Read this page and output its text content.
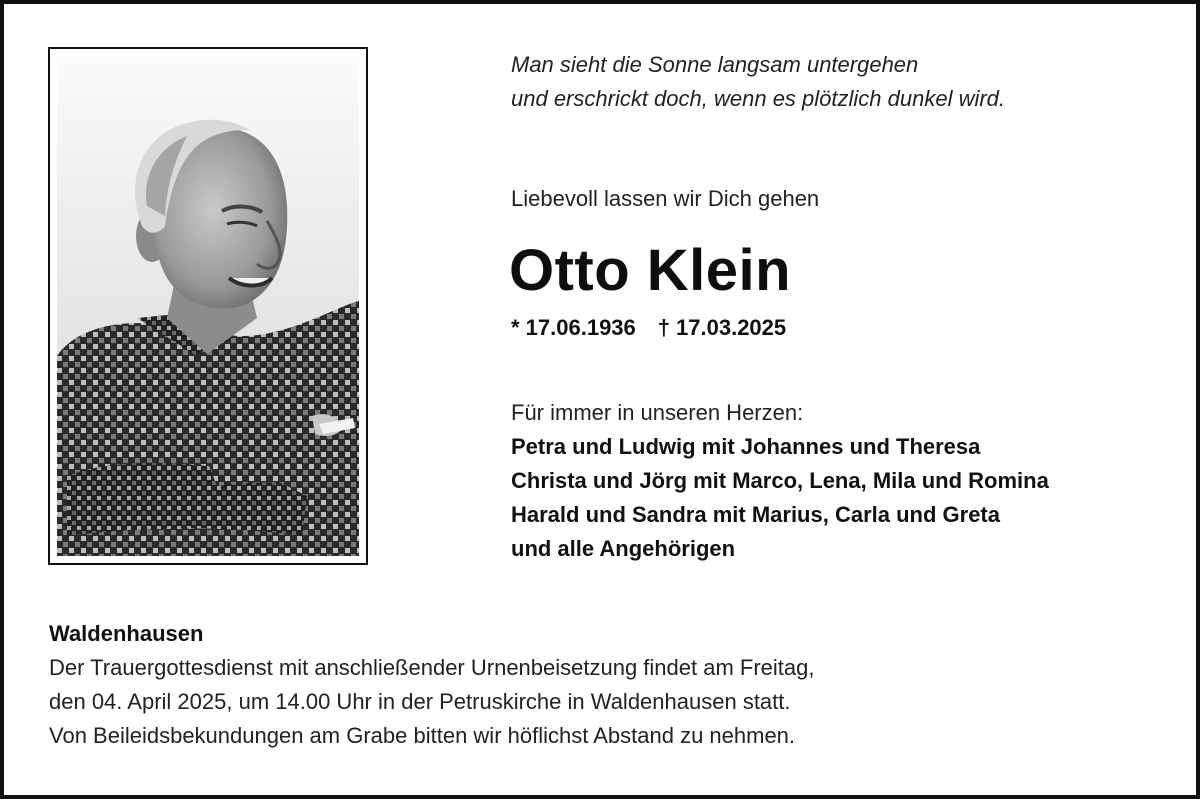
Man sieht die Sonne langsam untergehen
und erschrickt doch, wenn es plötzlich dunkel wird.
Liebevoll lassen wir Dich gehen
Otto Klein
* 17.06.1936 † 17.03.2025
Für immer in unseren Herzen:
Petra und Ludwig mit Johannes und Theresa
Christa und Jörg mit Marco, Lena, Mila und Romina
Harald und Sandra mit Marius, Carla und Greta
und alle Angehörigen
Waldenhausen
Der Trauergottesdienst mit anschließender Urnenbeisetzung findet am Freitag,
den 04. April 2025, um 14.00 Uhr in der Petruskirche in Waldenhausen statt.
Von Beileidsbekundungen am Grabe bitten wir höflichst Abstand zu nehmen.
